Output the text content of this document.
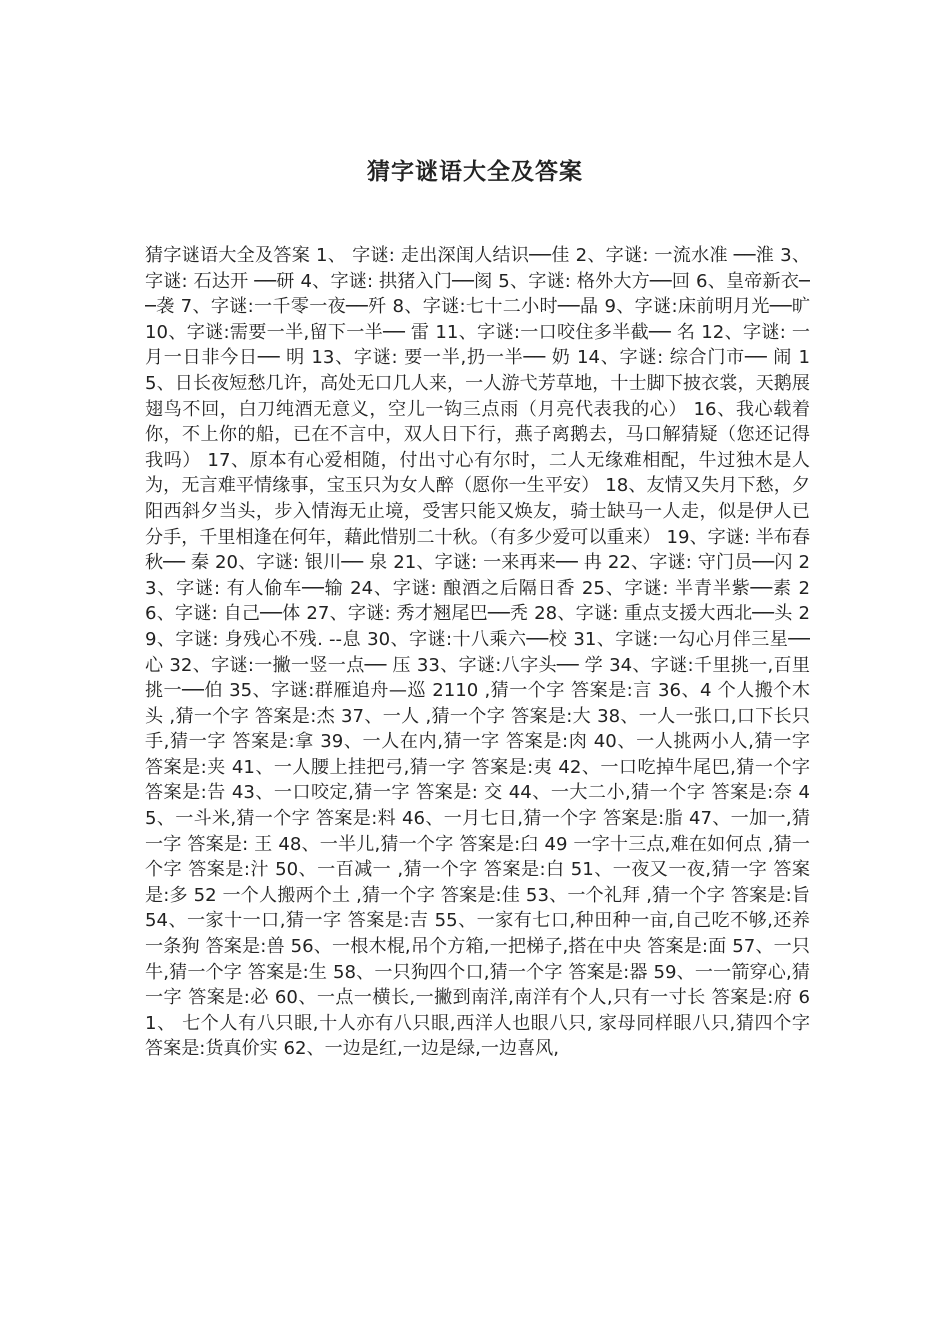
猜字谜语大全及答案
猜字谜语大全及答案 1、 字谜: 走出深闺人结识──佳 2、字谜: 一流水准 ──淮 3、字谜: 石达开 ──研 4、字谜: 拱猪入门──阂 5、字谜: 格外大方──回 6、皇帝新衣──袭 7、字谜:一千零一夜──歼 8、字谜:七十二小时──晶 9、字谜:床前明月光──旷 10、字谜:需要一半,留下一半── 雷 11、字谜:一口咬住多半截── 名 12、字谜: 一月一日非今日── 明 13、字谜: 要一半,扔一半── 奶 14、字谜: 综合门市── 闹 15、日长夜短愁几许，高处无口几人来，一人游弋芳草地，十士脚下披衣裳，天鹅展翅鸟不回，白刀纯酒无意义，空儿一钩三点雨（月亮代表我的心） 16、我心载着你，不上你的船，已在不言中，双人日下行，燕子离鹅去，马口解猜疑（您还记得我吗） 17、原本有心爱相随，付出寸心有尔时，二人无缘难相配，牛过独木是人为，无言难平情缘事，宝玉只为女人醉（愿你一生平安） 18、友情又失月下愁，夕阳西斜夕当头，步入情海无止境，受害只能又焕友，骑士缺马一人走，似是伊人已分手，千里相逢在何年，藉此惜别二十秋。（有多少爱可以重来） 19、字谜: 半布春秋── 秦 20、字谜: 银川── 泉 21、字谜: 一来再来── 冉 22、字谜: 守门员──闪 23、字谜: 有人偷车──输 24、字谜: 酿酒之后隔日香 25、字谜: 半青半紫──素 26、字谜: 自己──体 27、字谜: 秀才翘尾巴──秃 28、字谜: 重点支援大西北──头 29、字谜: 身残心不残. --息 30、字谜:十八乘六──校 31、字谜:一勾心月伴三星── 心 32、字谜:一撇一竖一点── 压 33、字谜:八字头── 学 34、字谜:千里挑一,百里挑一──伯 35、字谜:群雁追舟—巡 2110 ,猜一个字 答案是:言 36、4 个人搬个木头 ,猜一个字 答案是:杰 37、一人 ,猜一个字 答案是:大 38、一人一张口,口下长只手,猜一字 答案是:拿 39、一人在内,猜一字 答案是:肉 40、一人挑两小人,猜一字 答案是:夹 41、一人腰上挂把弓,猜一字 答案是:夷 42、一口吃掉牛尾巴,猜一个字 答案是:告 43、一口咬定,猜一字 答案是: 交 44、一大二小,猜一个字 答案是:奈 45、一斗米,猜一个字 答案是:料 46、一月七日,猜一个字 答案是:脂 47、一加一,猜一字 答案是: 王 48、一半儿,猜一个字 答案是:臼 49 一字十三点,难在如何点 ,猜一个字 答案是:汁 50、一百减一 ,猜一个字 答案是:白 51、一夜又一夜,猜一字 答案是:多 52 一个人搬两个土 ,猜一个字 答案是:佳 53、一个礼拜 ,猜一个字 答案是:旨 54、一家十一口,猜一字 答案是:吉 55、一家有七口,种田种一亩,自己吃不够,还养一条狗 答案是:兽 56、一根木棍,吊个方箱,一把梯子,搭在中央 答案是:面 57、一只牛,猜一个字 答案是:生 58、一只狗四个口,猜一个字 答案是:器 59、一一箭穿心,猜一字 答案是:必 60、一点一横长,一撇到南洋,南洋有个人,只有一寸长 答案是:府 61、 七个人有八只眼,十人亦有八只眼,西洋人也眼八只, 家母同样眼八只,猜四个字 答案是:货真价实 62、一边是红,一边是绿,一边喜风,
